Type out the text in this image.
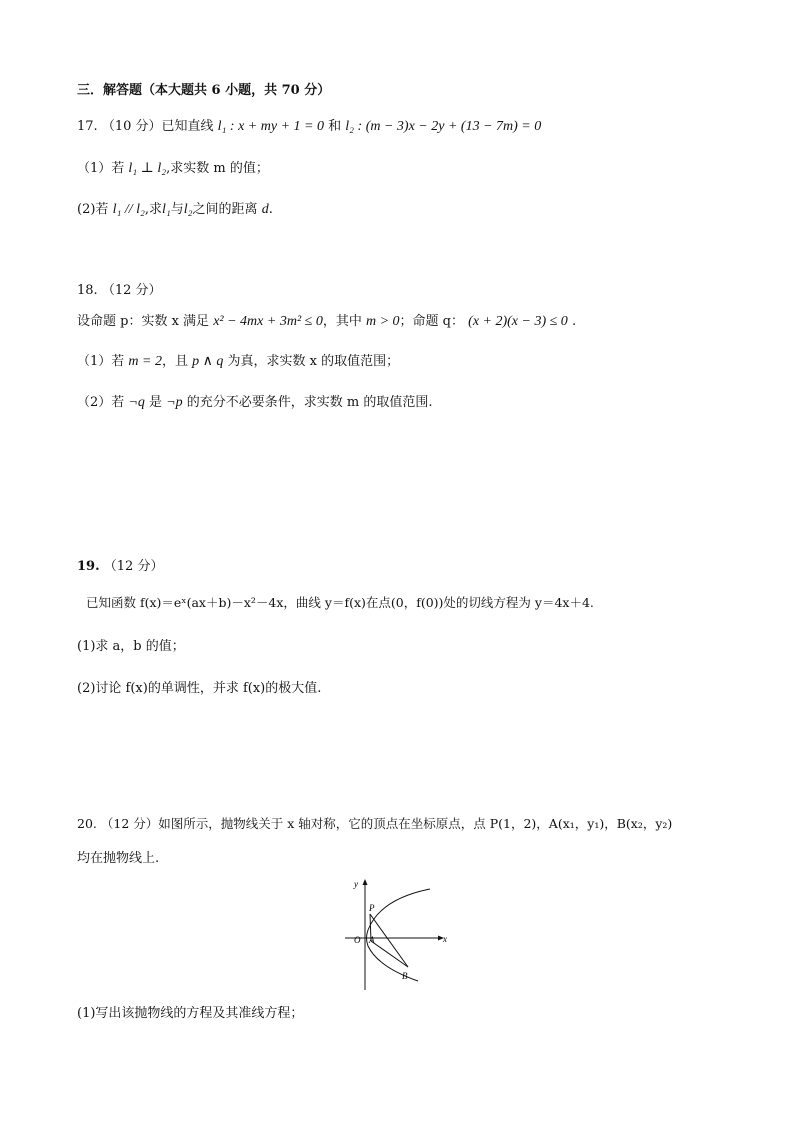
三．解答题（本大题共 6 小题，共 70 分）
17. （10 分）已知直线 l₁ : x + my + 1 = 0 和 l₂ : (m − 3)x − 2y + (13 − 7m) = 0
（1）若 l₁ ⊥ l₂,求实数 m 的值；
(2)若 l₁ // l₂,求l₁与l₂之间的距离 d.
18. （12 分）
设命题 p：实数 x 满足 x² − 4mx + 3m² ≤ 0，其中 m > 0；命题 q： (x + 2)(x − 3) ≤ 0 .
（1）若 m = 2，且 p ∧ q 为真，求实数 x 的取值范围；
（2）若 ¬q 是 ¬p 的充分不必要条件，求实数 m 的取值范围.
19. （12 分）
已知函数 f(x)＝eˣ(ax＋b)－x²－4x，曲线 y＝f(x)在点(0，f(0))处的切线方程为 y＝4x＋4.
(1)求 a，b 的值；
(2)讨论 f(x)的单调性，并求 f(x)的极大值.
20. （12 分）如图所示，抛物线关于 x 轴对称，它的顶点在坐标原点，点 P(1，2)，A(x₁，y₁)，B(x₂，y₂)
均在抛物线上.
y
x
O
P
A
B
(1)写出该抛物线的方程及其准线方程；
